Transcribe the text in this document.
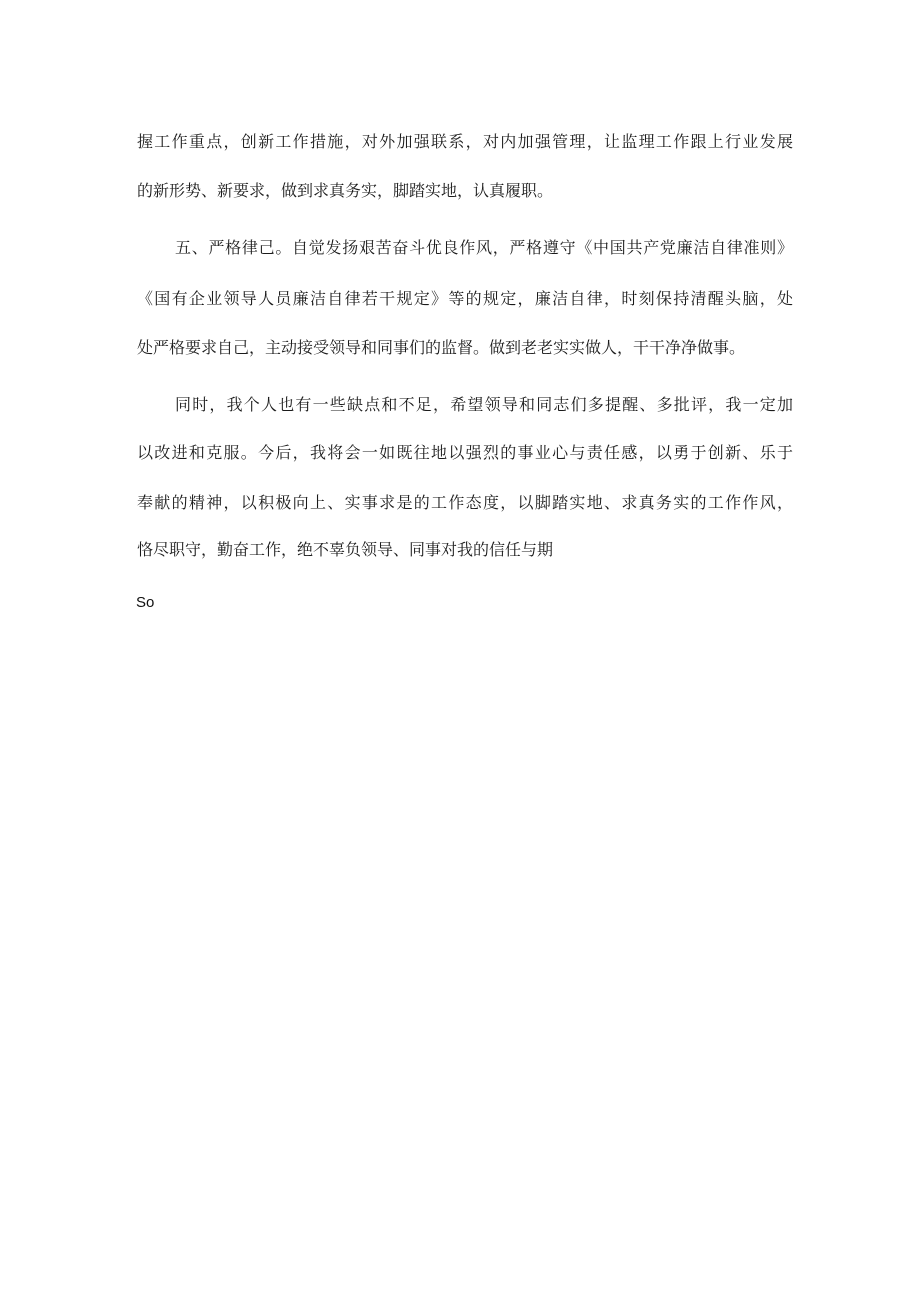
握工作重点，创新工作措施，对外加强联系，对内加强管理，让监理工作跟上行业发展
的新形势、新要求，做到求真务实，脚踏实地，认真履职。
五、严格律己。自觉发扬艰苦奋斗优良作风，严格遵守《中国共产党廉洁自律准则》
《国有企业领导人员廉洁自律若干规定》等的规定，廉洁自律，时刻保持清醒头脑，处
处严格要求自己，主动接受领导和同事们的监督。做到老老实实做人，干干净净做事。
同时，我个人也有一些缺点和不足，希望领导和同志们多提醒、多批评，我一定加
以改进和克服。今后，我将会一如既往地以强烈的事业心与责任感，以勇于创新、乐于
奉献的精神，以积极向上、实事求是的工作态度，以脚踏实地、求真务实的工作作风，
恪尽职守，勤奋工作，绝不辜负领导、同事对我的信任与期
So
